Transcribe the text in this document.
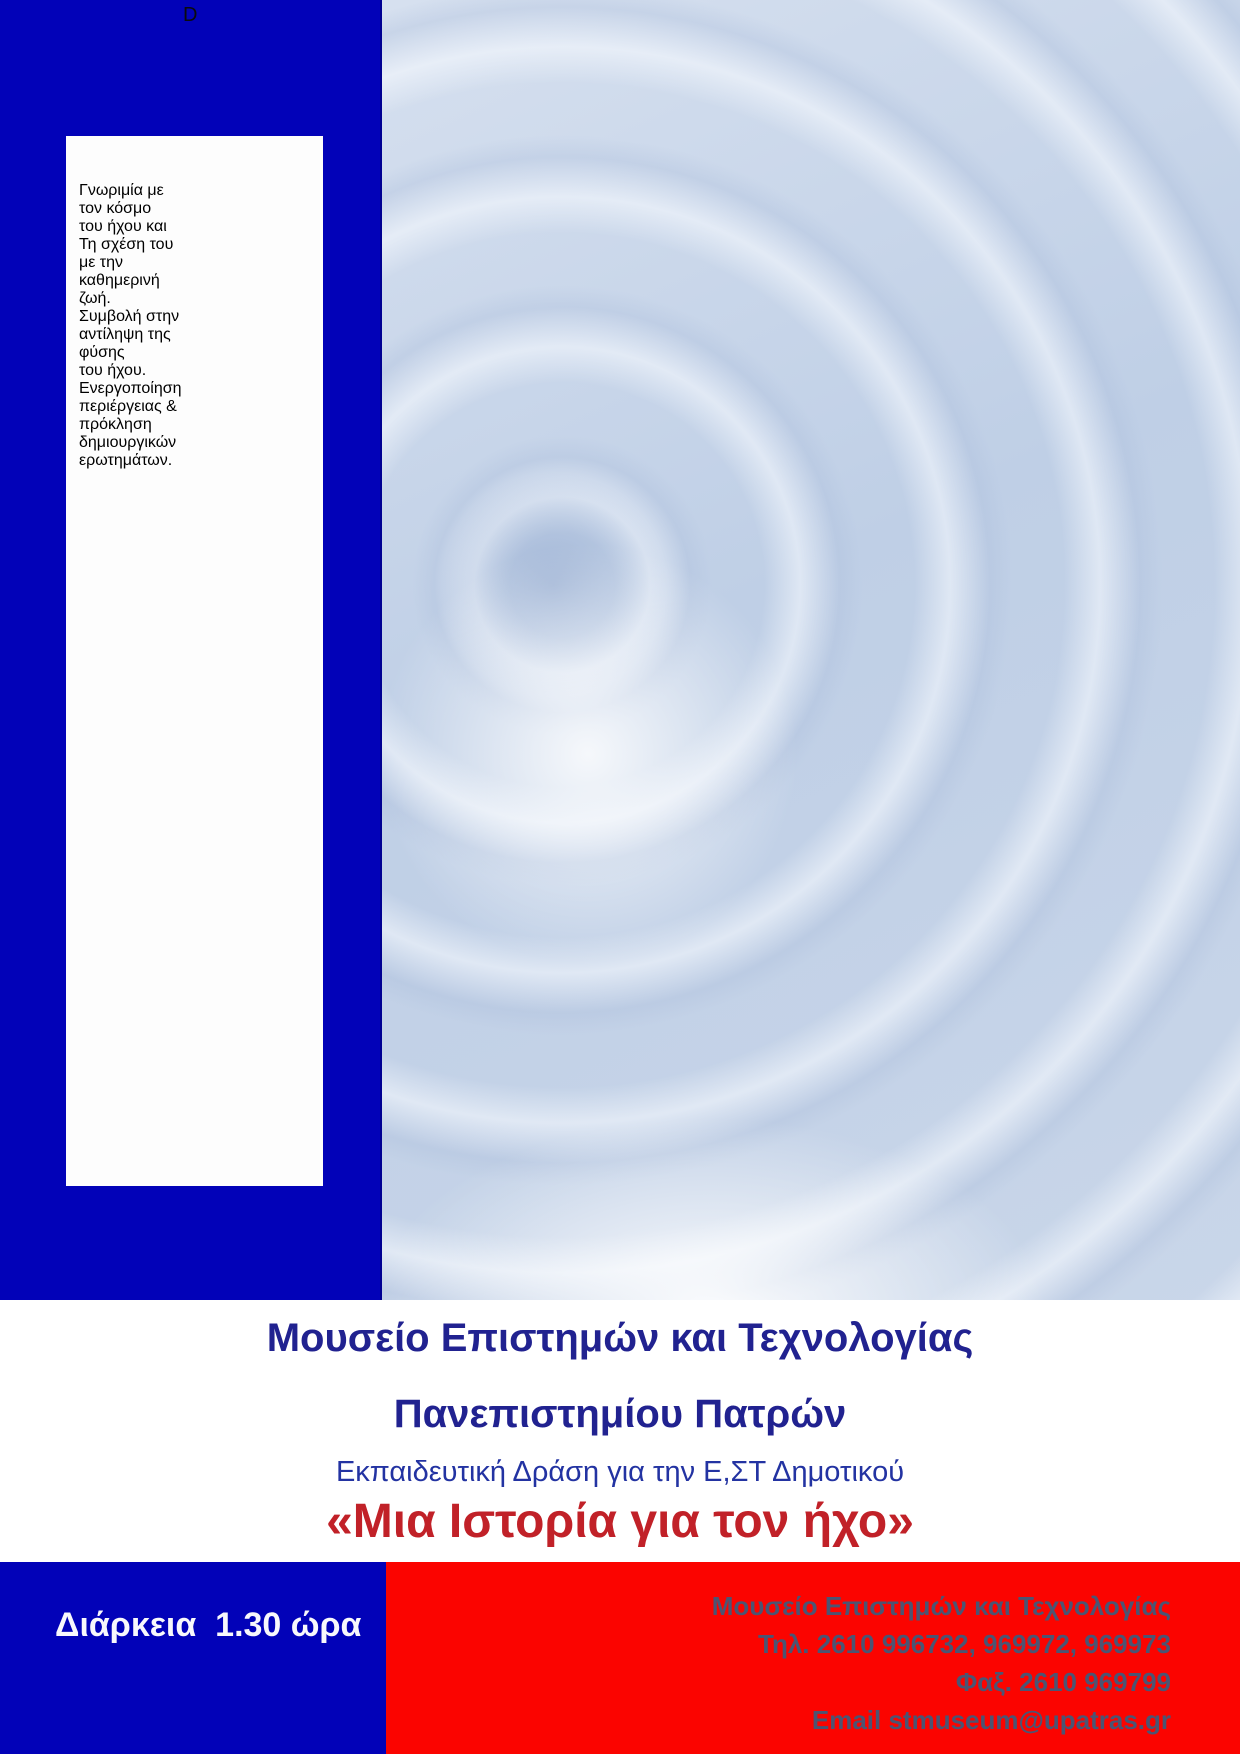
Γνωριμία με
τον κόσμο
του ήχου και
Τη σχέση του
με την
καθημερινή
ζωή.

Συμβολή στην
αντίληψη της
φύσης
του ήχου.

Ενεργοποίηση
περιέργειας &
πρόκληση
δημιουργικών
ερωτημάτων.

D

Μουσείο Επιστημών και Τεχνολογίας

Πανεπιστημίου Πατρών

Εκπαιδευτική Δράση για την Ε,ΣΤ Δημοτικού

«Μια Ιστορία για τον ήχο»

Διάρκεια  1.30 ώρα	Μουσείο Επιστημών και Τεχνολογίας
Τηλ. 2610 996732, 969972, 969973
Φαξ. 2610 969799
Email stmuseum@upatras.gr
